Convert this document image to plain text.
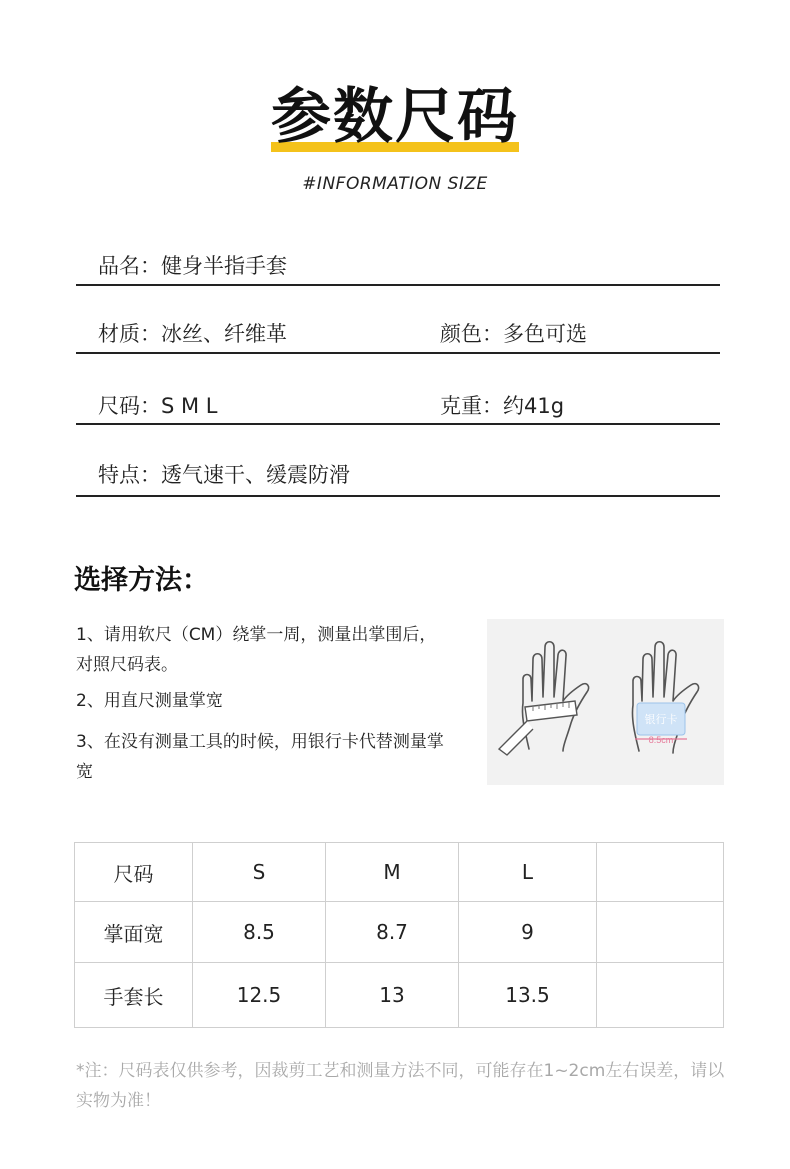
参数尺码
#INFORMATION SIZE
品名：健身半指手套
材质：冰丝、纤维革	颜色：多色可选
尺码：S M L	克重：约41g
特点：透气速干、缓震防滑
选择方法：
1、请用软尺（CM）绕掌一周，测量出掌围后，对照尺码表。
2、用直尺测量掌宽
3、在没有测量工具的时候，用银行卡代替测量掌宽
银行卡
8.5cm
尺码	S	M	L	
掌面宽	8.5	8.7	9	
手套长	12.5	13	13.5	
*注：尺码表仅供参考，因裁剪工艺和测量方法不同，可能存在1~2cm左右误差，请以实物为准！
